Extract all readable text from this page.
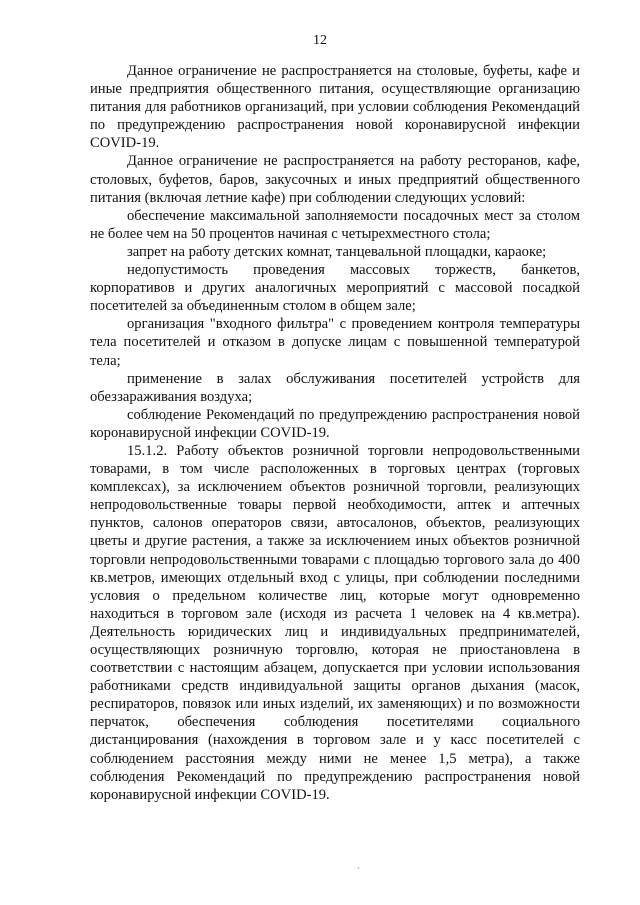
12

Данное ограничение не распространяется на столовые, буфеты, кафе и иные предприятия общественного питания, осуществляющие организацию питания для работников организаций, при условии соблюдения Рекомендаций по предупреждению распространения новой коронавирусной инфекции COVID-19.

Данное ограничение не распространяется на работу ресторанов, кафе, столовых, буфетов, баров, закусочных и иных предприятий общественного питания (включая летние кафе) при соблюдении следующих условий:

обеспечение максимальной заполняемости посадочных мест за столом не более чем на 50 процентов начиная с четырехместного стола;

запрет на работу детских комнат, танцевальной площадки, караоке;

недопустимость проведения массовых торжеств, банкетов, корпоративов и других аналогичных мероприятий с массовой посадкой посетителей за объединенным столом в общем зале;

организация "входного фильтра" с проведением контроля температуры тела посетителей и отказом в допуске лицам с повышенной температурой тела;

применение в залах обслуживания посетителей устройств для обеззараживания воздуха;

соблюдение Рекомендаций по предупреждению распространения новой коронавирусной инфекции COVID-19.

15.1.2. Работу объектов розничной торговли непродовольственными товарами, в том числе расположенных в торговых центрах (торговых комплексах), за исключением объектов розничной торговли, реализующих непродовольственные товары первой необходимости, аптек и аптечных пунктов, салонов операторов связи, автосалонов, объектов, реализующих цветы и другие растения, а также за исключением иных объектов розничной торговли непродовольственными товарами с площадью торгового зала до 400 кв.метров, имеющих отдельный вход с улицы, при соблюдении последними условия о предельном количестве лиц, которые могут одновременно находиться в торговом зале (исходя из расчета 1 человек на 4 кв.метра). Деятельность юридических лиц и индивидуальных предпринимателей, осуществляющих розничную торговлю, которая не приостановлена в соответствии с настоящим абзацем, допускается при условии использования работниками средств индивидуальной защиты органов дыхания (масок, респираторов, повязок или иных изделий, их заменяющих) и по возможности перчаток, обеспечения соблюдения посетителями социального дистанцирования (нахождения в торговом зале и у касс посетителей с соблюдением расстояния между ними не менее 1,5 метра), а также соблюдения Рекомендаций по предупреждению распространения новой коронавирусной инфекции COVID-19.

´
